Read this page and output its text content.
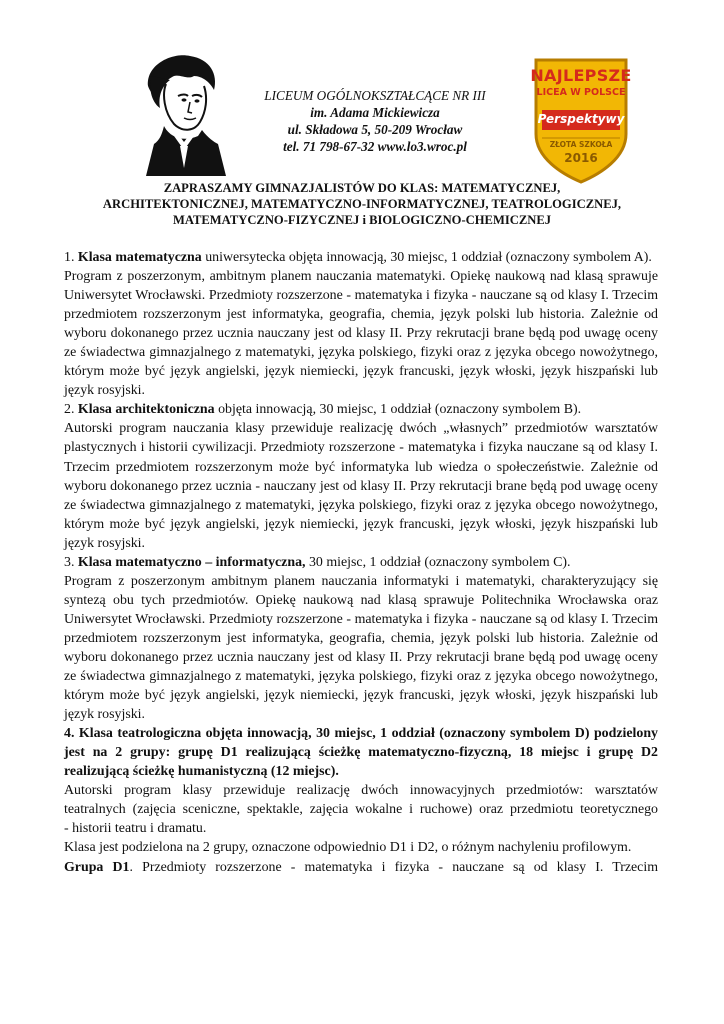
LICEUM OGÓLNOKSZTAŁCĄCE NR III
im. Adama Mickiewicza
ul. Składowa 5, 50-209 Wrocław
tel. 71 798-67-32 www.lo3.wroc.pl
NAJLEPSZE
LICEA W POLSCE
Perspektywy
ZŁOTA SZKOŁA
2016
ZAPRASZAMY GIMNAZJALISTÓW DO KLAS: MATEMATYCZNEJ,
ARCHITEKTONICZNEJ, MATEMATYCZNO-INFORMATYCZNEJ, TEATROLOGICZNEJ,
MATEMATYCZNO-FIZYCZNEJ i BIOLOGICZNO-CHEMICZNEJ

1. Klasa matematyczna uniwersytecka objęta innowacją, 30 miejsc, 1 oddział (oznaczony symbolem A).

Program z poszerzonym, ambitnym planem nauczania matematyki. Opiekę naukową nad klasą sprawuje Uniwersytet Wrocławski. Przedmioty rozszerzone - matematyka i fizyka - nauczane są od klasy I. Trzecim przedmiotem rozszerzonym jest informatyka, geografia, chemia, język polski lub historia. Zależnie od wyboru dokonanego przez ucznia nauczany jest od klasy II. Przy rekrutacji brane będą pod uwagę oceny ze świadectwa gimnazjalnego z matematyki, języka polskiego, fizyki oraz z języka obcego nowożytnego, którym może być język angielski, język niemiecki, język francuski, język włoski, język hiszpański lub język rosyjski.

2. Klasa architektoniczna objęta innowacją, 30 miejsc, 1 oddział (oznaczony symbolem B).

Autorski program nauczania klasy przewiduje realizację dwóch „własnych” przedmiotów warsztatów plastycznych i historii cywilizacji. Przedmioty rozszerzone - matematyka i fizyka nauczane są od klasy I. Trzecim przedmiotem rozszerzonym może być informatyka lub wiedza o społeczeństwie. Zależnie od wyboru dokonanego przez ucznia - nauczany jest od klasy II. Przy rekrutacji brane będą pod uwagę oceny ze świadectwa gimnazjalnego z matematyki, języka polskiego, fizyki oraz z języka obcego nowożytnego, którym może być język angielski, język niemiecki, język francuski, język włoski, język hiszpański lub język rosyjski.

3. Klasa matematyczno – informatyczna, 30 miejsc, 1 oddział (oznaczony symbolem C).

Program z poszerzonym ambitnym planem nauczania informatyki i matematyki, charakteryzujący się syntezą obu tych przedmiotów. Opiekę naukową nad klasą sprawuje Politechnika Wrocławska oraz Uniwersytet Wrocławski. Przedmioty rozszerzone - matematyka i fizyka - nauczane są od klasy I. Trzecim przedmiotem rozszerzonym jest informatyka, geografia, chemia, język polski lub historia. Zależnie od wyboru dokonanego przez ucznia nauczany jest od klasy II. Przy rekrutacji brane będą pod uwagę oceny ze świadectwa gimnazjalnego z matematyki, języka polskiego, fizyki oraz z języka obcego nowożytnego, którym może być język angielski, język niemiecki, język francuski, język włoski, język hiszpański lub język rosyjski.

4. Klasa teatrologiczna objęta innowacją, 30 miejsc, 1 oddział (oznaczony symbolem D) podzielony jest na 2 grupy: grupę D1 realizującą ścieżkę matematyczno-fizyczną, 18 miejsc i grupę D2 realizującą ścieżkę humanistyczną (12 miejsc).

Autorski program klasy przewiduje realizację dwóch innowacyjnych przedmiotów: warsztatów
teatralnych (zajęcia sceniczne, spektakle, zajęcia wokalne i ruchowe) oraz przedmiotu teoretycznego
- historii teatru i dramatu.

Klasa jest podzielona na 2 grupy, oznaczone odpowiednio D1 i D2, o różnym nachyleniu profilowym.

Grupa D1. Przedmioty rozszerzone - matematyka i fizyka - nauczane są od klasy I. Trzecim
